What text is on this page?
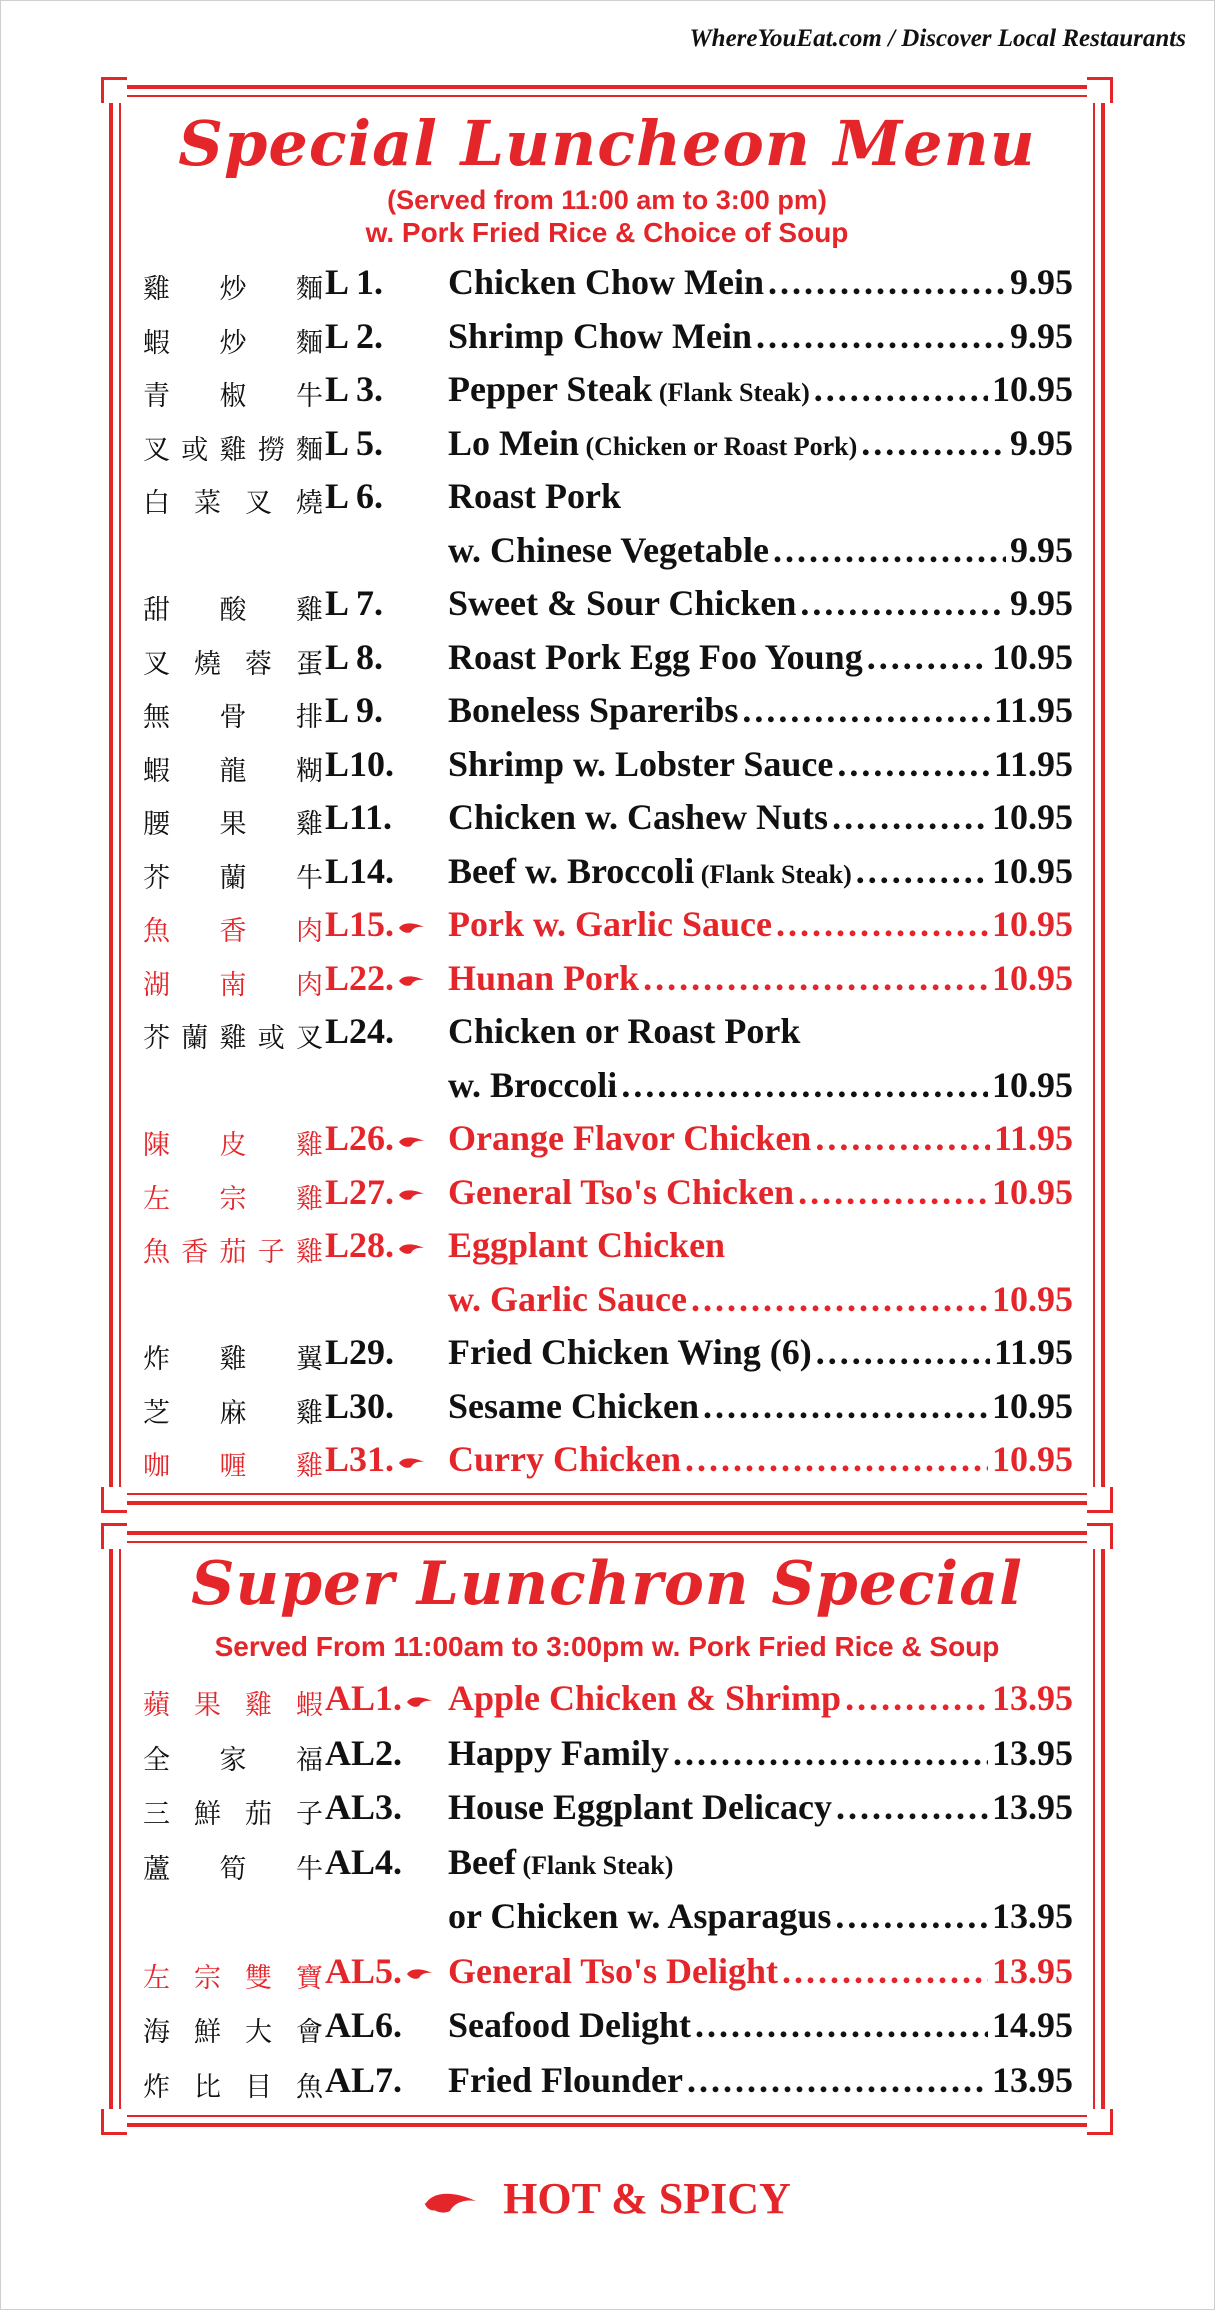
WhereYouEat.com / Discover Local Restaurants
Special Luncheon Menu
(Served from 11:00 am to 3:00 pm)
w. Pork Fried Rice & Choice of Soup
雞炒麵 L 1.	Chicken Chow Mein . . .	9.95
蝦炒麵 L 2.	Shrimp Chow Mein . . .	9.95
青椒牛 L 3.	Pepper Steak (Flank Steak) . . .	10.95
叉或雞撈麵 L 5.	Lo Mein (Chicken or Roast Pork) . . .	9.95
白菜叉燒 L 6.	Roast Pork
w. Chinese Vegetable . . .	9.95
甜酸雞 L 7.	Sweet & Sour Chicken . . .	9.95
叉燒蓉蛋 L 8.	Roast Pork Egg Foo Young . . .	10.95
無骨排 L 9.	Boneless Spareribs . . .	11.95
蝦龍糊 L10.	Shrimp w. Lobster Sauce . . .	11.95
腰果雞 L11.	Chicken w. Cashew Nuts . . .	10.95
芥蘭牛 L14.	Beef w. Broccoli (Flank Steak) . . .	10.95
魚香肉 L15.	Pork w. Garlic Sauce . . .	10.95
湖南肉 L22.	Hunan Pork . . .	10.95
芥蘭雞或叉 L24.	Chicken or Roast Pork
w. Broccoli . . .	10.95
陳皮雞 L26.	Orange Flavor Chicken . . .	11.95
左宗雞 L27.	General Tso's Chicken . . .	10.95
魚香茄子雞 L28.	Eggplant Chicken
w. Garlic Sauce . . .	10.95
炸雞翼 L29.	Fried Chicken Wing (6) . . .	11.95
芝麻雞 L30.	Sesame Chicken . . .	10.95
咖喱雞 L31.	Curry Chicken . . .	10.95
Super Lunchron Special
Served From 11:00am to 3:00pm w. Pork Fried Rice & Soup
蘋果雞蝦 AL1.	Apple Chicken & Shrimp . . .	13.95
全家福 AL2.	Happy Family . . .	13.95
三鮮茄子 AL3.	House Eggplant Delicacy . . .	13.95
蘆筍牛 AL4.	Beef (Flank Steak)
or Chicken w. Asparagus . . .	13.95
左宗雙寶 AL5.	General Tso's Delight . . .	13.95
海鮮大會 AL6.	Seafood Delight . . .	14.95
炸比目魚 AL7.	Fried Flounder . . .	13.95
HOT & SPICY
